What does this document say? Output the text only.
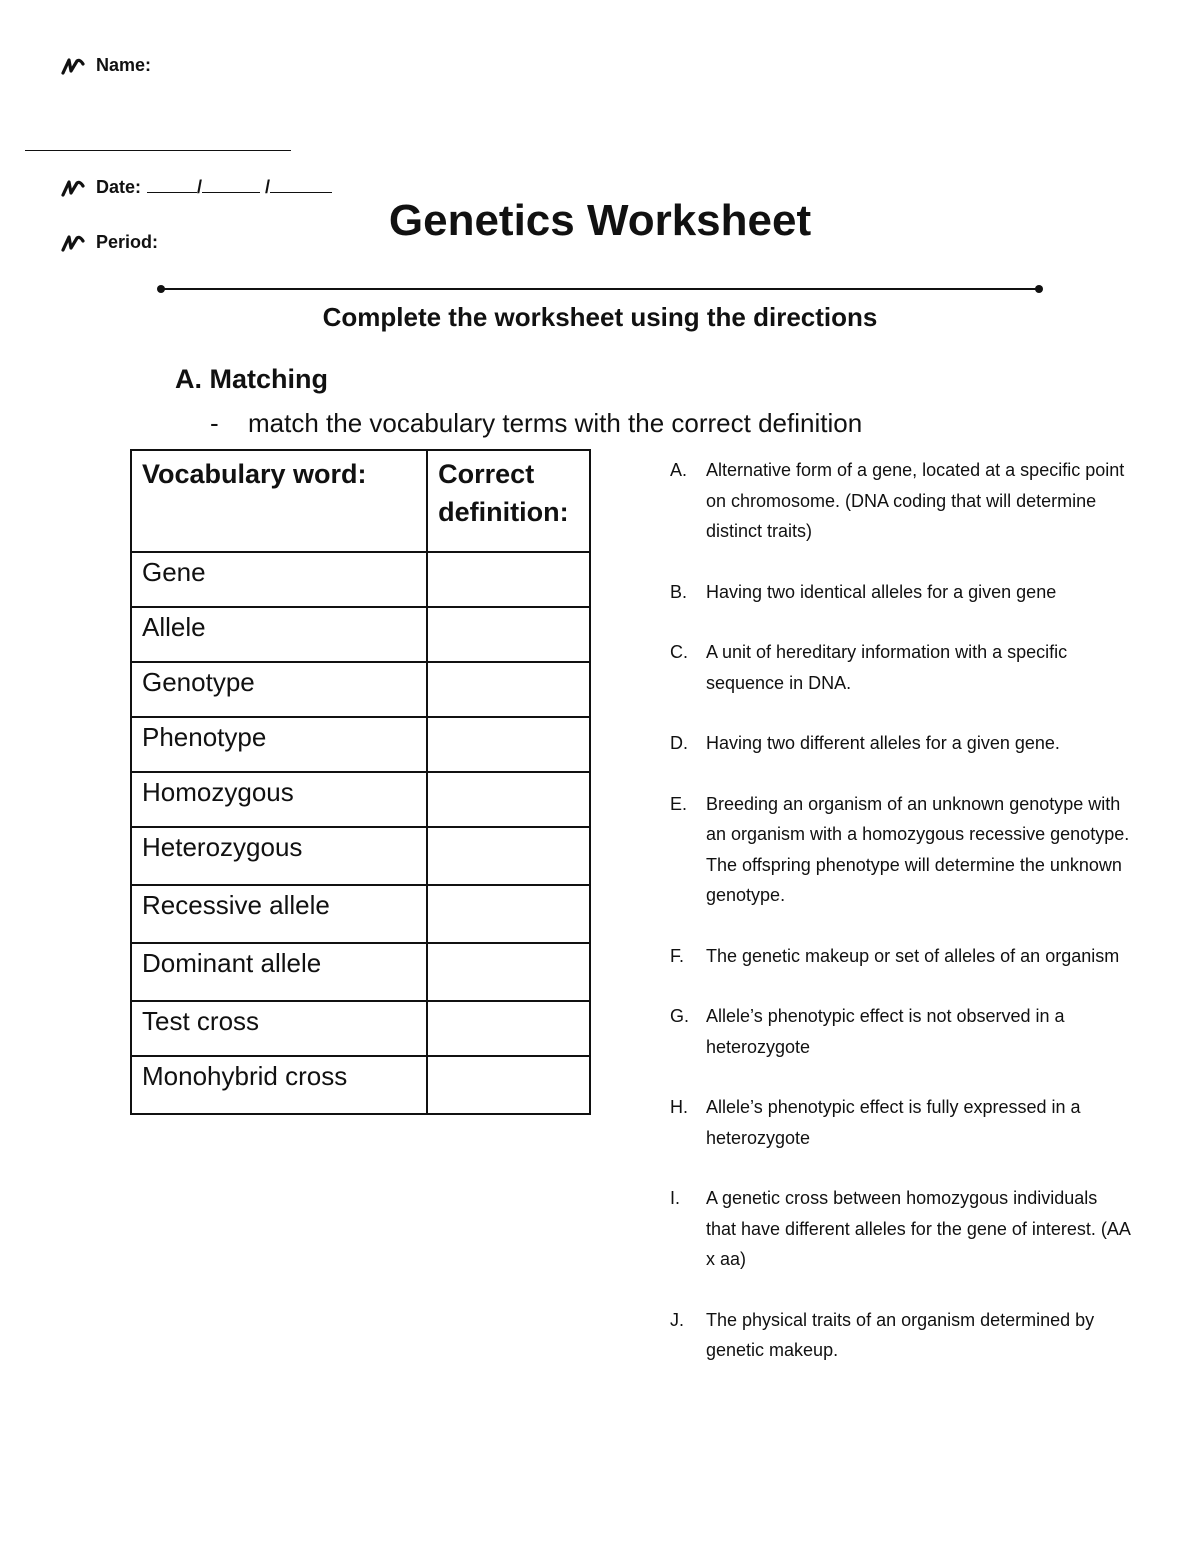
Name:
Date:	/	/
Period:	Genetics Worksheet
Complete the worksheet using the directions
A. Matching
-	match the vocabulary terms with the correct definition
Vocabulary word:	Correct definition:
Gene	
Allele	
Genotype	
Phenotype	
Homozygous	
Heterozygous	
Recessive allele	
Dominant allele	
Test cross	
Monohybrid cross	
A.	Alternative form of a gene, located at a specific point on chromosome. (DNA coding that will determine distinct traits)
B.	Having two identical alleles for a given gene
C.	A unit of hereditary information with a specific sequence in DNA.
D.	Having two different alleles for a given gene.
E.	Breeding an organism of an unknown genotype with an organism with a homozygous recessive genotype. The offspring phenotype will determine the unknown genotype.
F.	The genetic makeup or set of alleles of an organism
G. Allele’s phenotypic effect is not observed in a heterozygote
H.	Allele’s phenotypic effect is fully expressed in a heterozygote
I.	A genetic cross between homozygous individuals that have different alleles for the gene of interest. (AA x aa)
J.	The physical traits of an organism determined by genetic makeup.
